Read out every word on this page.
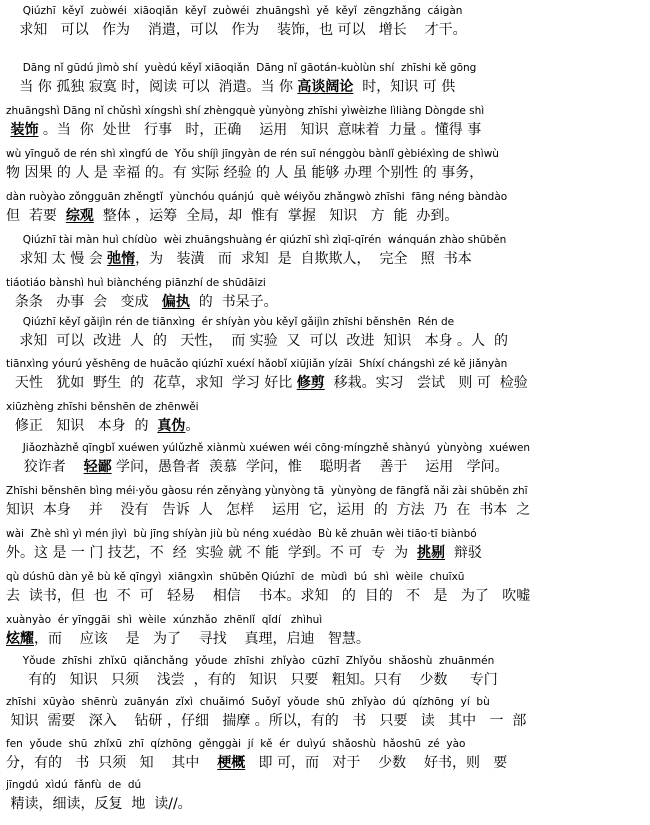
Qiúzhī  kěyǐ  zuòwéi  xiāoqiǎn  kěyǐ  zuòwéi  zhuāngshì  yě  kěyǐ  zēngzhǎng  cáigàn
求知   可以   作为    消遣，可以   作为    装饰，也 可以   增长    才干。
Dāng nǐ gūdú jìmò shí  yuèdú kěyǐ xiāoqiǎn  Dāng nǐ gāotán-kuòlùn shí  zhīshi kě gōng
当 你 孤独 寂寞 时，阅读 可以  消遣。当 你 高谈阔论  时，知识 可 供
zhuāngshì Dāng nǐ chǔshì xíngshì shí zhèngquè yùnyòng zhīshi yìwèizhe lìliàng Dòngde shì
装饰 。当  你  处世   行事   时，正确    运用   知识  意味着  力量 。懂得 事
wù yīnguǒ de rén shì xìngfú de  Yǒu shíjì jīngyàn de rén suī nénggòu bànlǐ gèbiéxìng de shìwù
物 因果 的 人 是 幸福 的。有 实际 经验 的 人 虽 能够 办理 个别性 的 事务，
dàn ruòyào zǒngguān zhěngtǐ  yùnchóu quánjú  què wéiyǒu zhǎngwò zhīshi  fāng néng bàndào
但  若要  综观  整体 ，运筹  全局，却  惟有  掌握   知识   方  能  办到。
Qiúzhī tài màn huì chídùo  wèi zhuāngshuàng ér qiúzhī shì zìqī-qīrén  wánquán zhào shūběn
求知 太 慢 会 弛惰，为   装潢   而  求知  是  自欺欺人，  完全   照  书本
tiáotiáo bànshì huì biànchéng piānzhí de shūdāizi
条条   办事  会   变成   偏执  的  书呆子。
Qiúzhī kěyǐ gǎijìn rén de tiānxìng  ér shíyàn yòu kěyǐ gǎijìn zhīshi běnshēn  Rén de
求知  可以  改进  人  的   天性，  而 实验  又  可以  改进  知识   本身 。人  的
tiānxìng yóurú yěshēng de huācǎo qiúzhī xuéxí hǎobǐ xiūjiǎn yízāi  Shíxí chángshì zé kě jiǎnyàn
天性   犹如  野生  的  花草，求知  学习 好比 修剪  移栽。实习   尝试   则 可  检验
xiūzhèng zhīshi běnshēn de zhēnwěi
修正   知识   本身  的  真伪。
Jiǎozhàzhě qīngbǐ xuéwen yúlǔzhě xiànmù xuéwen wéi cōng·míngzhě shànyú  yùnyòng  xuéwen
狡诈者    轻鄙 学问，愚鲁者  羡慕  学问，惟    聪明者    善于    运用   学问。
Zhīshi běnshēn bìng méi·yǒu gàosu rén zěnyàng yùnyòng tā  yùnyòng de fāngfǎ nǎi zài shūběn zhī
知识  本身    并    没有   告诉  人   怎样    运用  它，运用  的  方法  乃  在  书本  之
wài  Zhè shì yì mén jìyì  bù jīng shíyàn jiù bù néng xuédào  Bù kě zhuān wèi tiāo·tī biànbó
外。这 是 一 门 技艺，不  经  实验 就 不 能  学到。不 可  专  为  挑剔  辩驳
qù dúshū dàn yě bù kě qīngyì  xiāngxìn  shūběn Qiúzhī  de  mùdì  bú  shì  wèile  chuīxū
去  读书，但  也  不  可   轻易    相信    书本。求知   的  目的   不   是   为了   吹嘘
xuànyào  ér yīnggāi  shì  wèile  xúnzhǎo  zhēnlǐ  qǐdí   zhìhuì
炫耀，而    应该    是   为了    寻找    真理，启迪   智慧。
Yǒude  zhīshi  zhǐxū  qiǎnchǎng  yǒude  zhīshi  zhǐyào  cūzhī  Zhǐyǒu  shǎoshù  zhuānmén
有的   知识   只须    浅尝  ，有的   知识   只要   粗知。只有    少数     专门
zhīshi  xūyào  shēnrù  zuānyán  zǐxì  chuǎimó  Suǒyǐ  yǒude  shū  zhǐyào  dú  qízhōng  yí  bù
知识  需要   深入    钻研 ，仔细   揣摩 。所以，有的   书   只要   读   其中   一  部
fen  yǒude  shū  zhǐxū  zhī  qízhōng  gěnggài  jí  kě  ér  duìyú  shǎoshù  hǎoshū  zé  yào
分，有的   书  只须   知    其中    梗概   即 可，而   对于    少数    好书，则   要
jīngdú  xìdú  fǎnfù  de  dú
精读，细读，反复  地  读//。
